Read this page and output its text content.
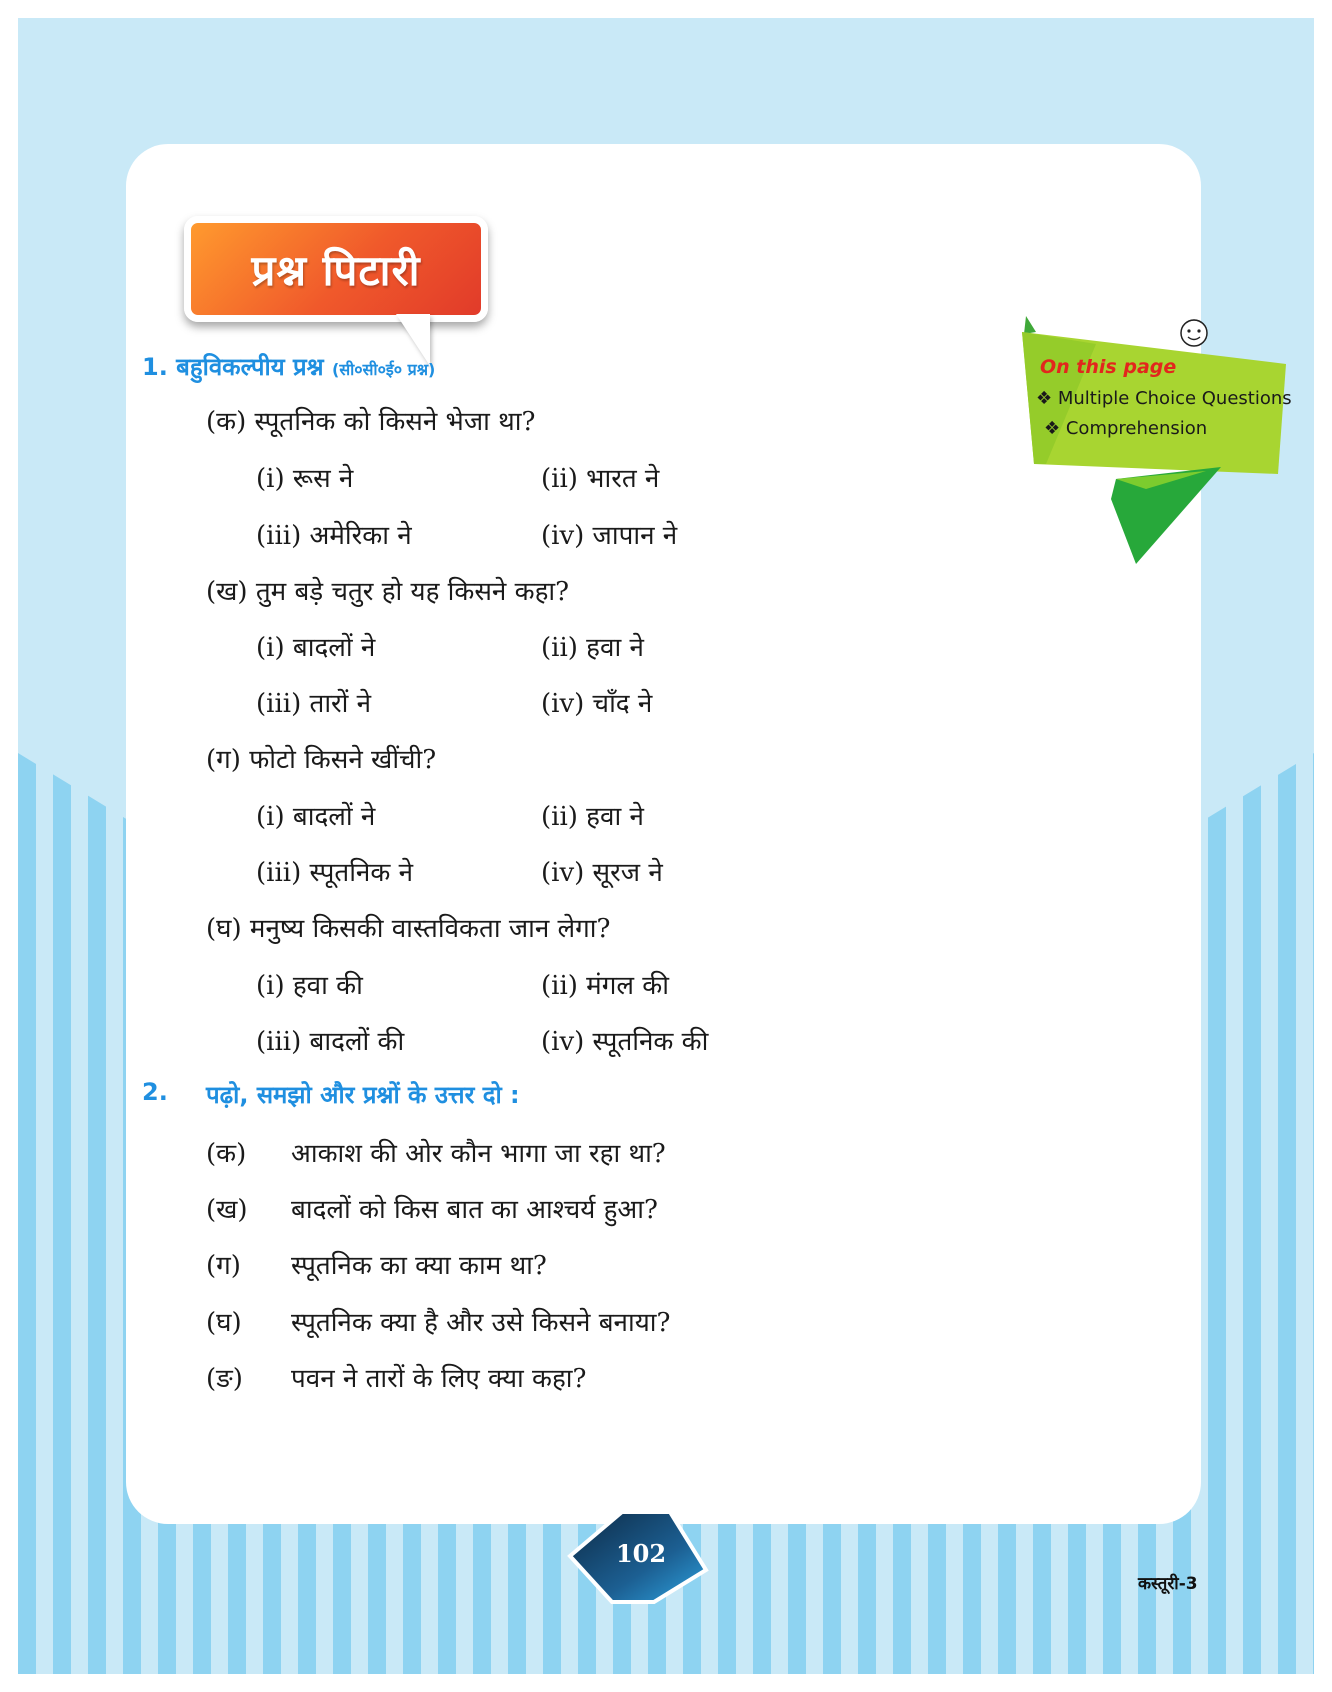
प्रश्न पिटारी
On this page
❖ Multiple Choice Questions
❖ Comprehension
1. बहुविकल्पीय प्रश्न (सी०सी०ई० प्रश्न)
(क) स्पूतनिक को किसने भेजा था?
(i) रूस ने	(ii) भारत ने
(iii) अमेरिका ने	(iv) जापान ने
(ख) तुम बड़े चतुर हो यह किसने कहा?
(i) बादलों ने	(ii) हवा ने
(iii) तारों ने	(iv) चाँद ने
(ग) फोटो किसने खींची?
(i) बादलों ने	(ii) हवा ने
(iii) स्पूतनिक ने	(iv) सूरज ने
(घ) मनुष्य किसकी वास्तविकता जान लेगा?
(i) हवा की	(ii) मंगल की
(iii) बादलों की	(iv) स्पूतनिक की
2. पढ़ो, समझो और प्रश्नों के उत्तर दो :
(क) आकाश की ओर कौन भागा जा रहा था?
(ख) बादलों को किस बात का आश्चर्य हुआ?
(ग) स्पूतनिक का क्या काम था?
(घ) स्पूतनिक क्या है और उसे किसने बनाया?
(ङ) पवन ने तारों के लिए क्या कहा?
102
कस्तूरी-3
